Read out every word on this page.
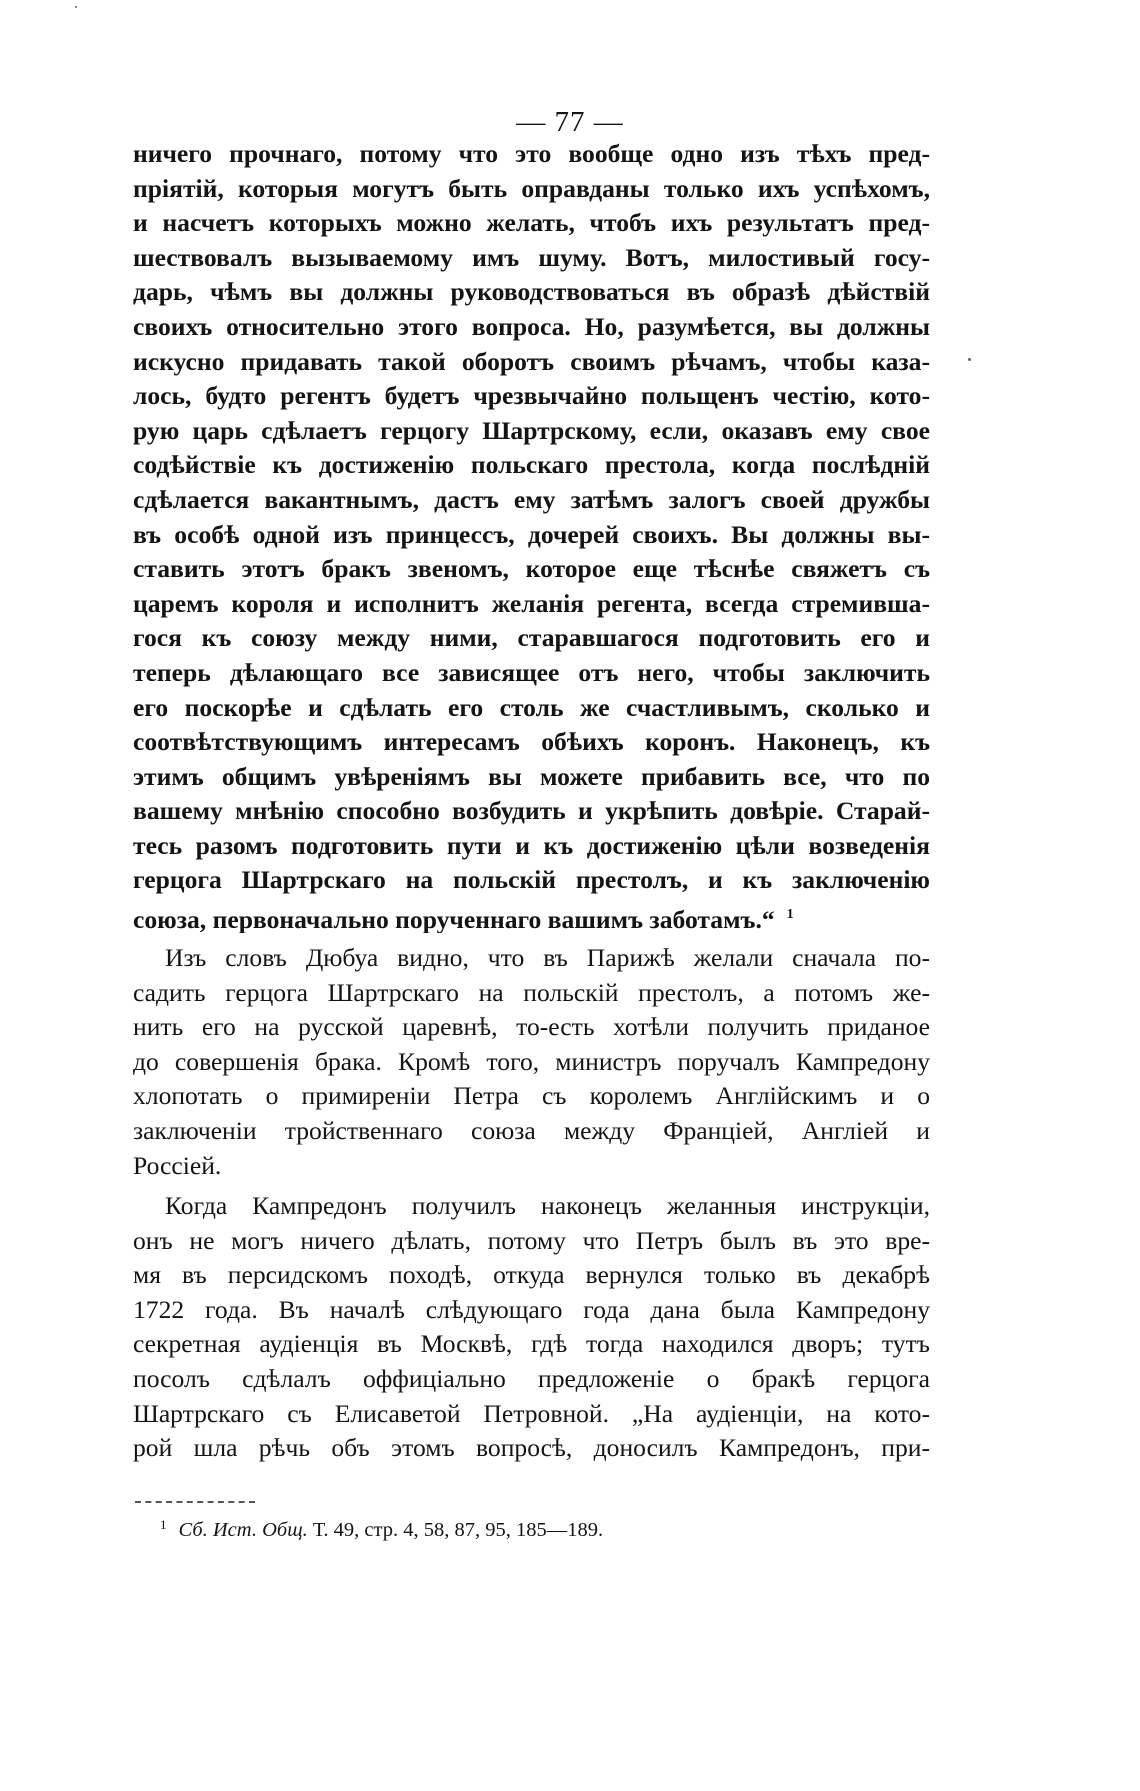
— 77 —
ничего прочнаго, потому что это вообще одно изъ тѣхъ пред-
пріятій, которыя могутъ быть оправданы только ихъ успѣхомъ,
и насчетъ которыхъ можно желать, чтобъ ихъ результатъ пред-
шествовалъ вызываемому имъ шуму. Вотъ, милостивый госу-
дарь, чѣмъ вы должны руководствоваться въ образѣ дѣйствій
своихъ относительно этого вопроса. Но, разумѣется, вы должны
искусно придавать такой оборотъ своимъ рѣчамъ, чтобы каза-
лось, будто регентъ будетъ чрезвычайно польщенъ честію, кото-
рую царь сдѣлаетъ герцогу Шартрскому, если, оказавъ ему свое
содѣйствіе къ достиженію польскаго престола, когда послѣдній
сдѣлается вакантнымъ, дастъ ему затѣмъ залогъ своей дружбы
въ особѣ одной изъ принцессъ, дочерей своихъ. Вы должны вы-
ставить этотъ бракъ звеномъ, которое еще тѣснѣе свяжетъ съ
царемъ короля и исполнитъ желанія регента, всегда стремивша-
гося къ союзу между ними, старавшагося подготовить его и
теперь дѣлающаго все зависящее отъ него, чтобы заключить
его поскорѣе и сдѣлать его столь же счастливымъ, сколько и
соотвѣтствующимъ интересамъ обѣихъ коронъ. Наконецъ, къ
этимъ общимъ увѣреніямъ вы можете прибавить все, что по
вашему мнѣнію способно возбудить и укрѣпить довѣріе. Старай-
тесь разомъ подготовить пути и къ достиженію цѣли возведенія
герцога Шартрскаго на польскій престолъ, и къ заключенію
союза, первоначально порученнаго вашимъ заботамъ.“ $^1$
Изъ словъ Дюбуа видно, что въ Парижѣ желали сначала по-
садить герцога Шартрскаго на польскій престолъ, а потомъ же-
нить его на русской царевнѣ, то-есть хотѣли получить приданое
до совершенія брака. Кромѣ того, министръ поручалъ Кампредону
хлопотать о примиреніи Петра съ королемъ Англійскимъ и о
заключеніи тройственнаго союза между Франціей, Англіей и
Россіей.
Когда Кампредонъ получилъ наконецъ желанныя инструкціи,
онъ не могъ ничего дѣлать, потому что Петръ былъ въ это вре-
мя въ персидскомъ походѣ, откуда вернулся только въ декабрѣ
1722 года. Въ началѣ слѣдующаго года дана была Кампредону
секретная аудіенція въ Москвѣ, гдѣ тогда находился дворъ; тутъ
посолъ сдѣлалъ оффиціально предложеніе о бракѣ герцога
Шартрскаго съ Елисаветой Петровной. „На аудіенціи, на кото-
рой шла рѣчь объ этомъ вопросѣ, доносилъ Кампредонъ, при-
$^1$ Сб. Ист. Общ. Т. 49, стр. 4, 58, 87, 95, 185—189.
